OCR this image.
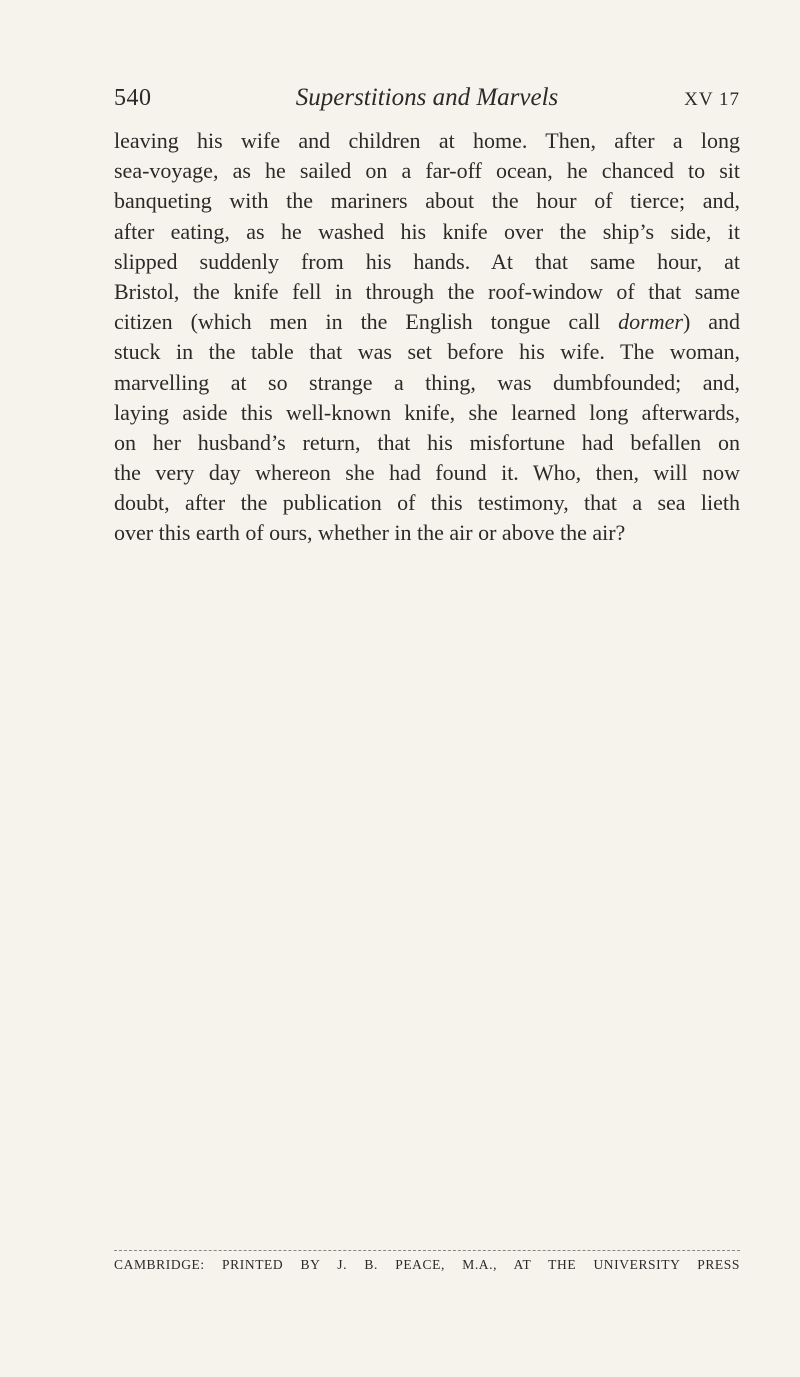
540	Superstitions and Marvels	XV 17
leaving his wife and children at home. Then, after a long
sea-voyage, as he sailed on a far-off ocean, he chanced to sit
banqueting with the mariners about the hour of tierce; and,
after eating, as he washed his knife over the ship’s side, it
slipped suddenly from his hands. At that same hour, at
Bristol, the knife fell in through the roof-window of that same
citizen (which men in the English tongue call dormer) and
stuck in the table that was set before his wife. The woman,
marvelling at so strange a thing, was dumbfounded; and,
laying aside this well-known knife, she learned long afterwards,
on her husband’s return, that his misfortune had befallen on
the very day whereon she had found it. Who, then, will now
doubt, after the publication of this testimony, that a sea lieth
over this earth of ours, whether in the air or above the air?
CAMBRIDGE: PRINTED BY J. B. PEACE, M.A., AT THE UNIVERSITY PRESS
